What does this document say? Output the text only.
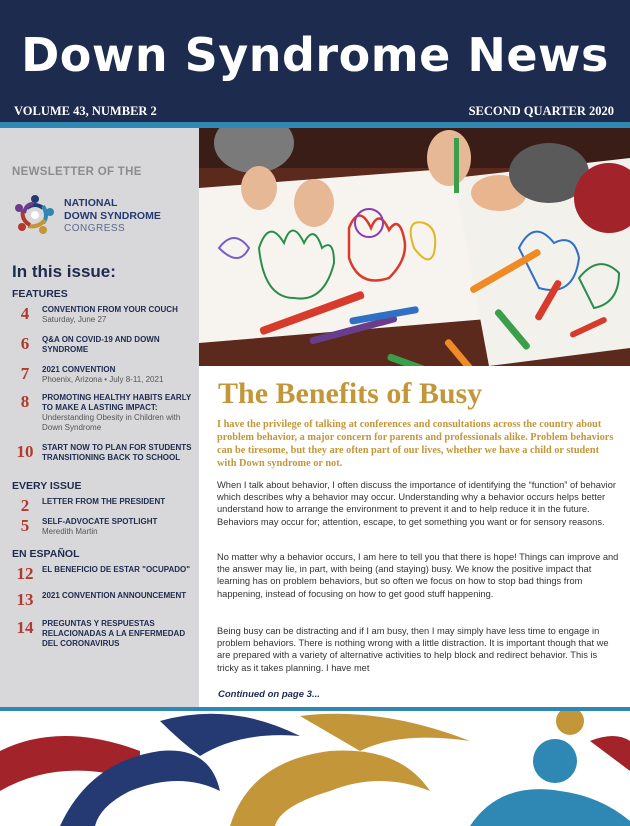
Down Syndrome News
VOLUME 43, NUMBER 2	SECOND QUARTER 2020
NEWSLETTER OF THE
NATIONAL
DOWN SYNDROME
CONGRESS
In this issue:
FEATURES
4	CONVENTION FROM YOUR COUCH
Saturday, June 27
6	Q&A ON COVID-19 AND DOWN SYNDROME
7	2021 CONVENTION
Phoenix, Arizona • July 8-11, 2021
8	PROMOTING HEALTHY HABITS EARLY TO MAKE A LASTING IMPACT:
Understanding Obesity in Children with Down Syndrome
10	START NOW TO PLAN FOR STUDENTS TRANSITIONING BACK TO SCHOOL
EVERY ISSUE
2	LETTER FROM THE PRESIDENT
5	SELF-ADVOCATE SPOTLIGHT
Meredith Martin
EN ESPAÑOL
12	EL BENEFICIO DE ESTAR "OCUPADO"
13	2021 CONVENTION ANNOUNCEMENT
14	PREGUNTAS Y RESPUESTAS RELACIONADAS A LA ENFERMEDAD DEL CORONAVIRUS
The Benefits of Busy
I have the privilege of talking at conferences and consultations across the country about problem behavior, a major concern for parents and professionals alike. Problem behaviors can be tiresome, but they are often part of our lives, whether we have a child or student with Down syndrome or not.
When I talk about behavior, I often discuss the importance of identifying the “function” of behavior which describes why a behavior may occur. Understanding why a behavior occurs helps better understand how to arrange the environment to prevent it and to help reduce it in the future. Behaviors may occur for; attention, escape, to get something you want or for sensory reasons.
No matter why a behavior occurs, I am here to tell you that there is hope! Things can improve and the answer may lie, in part, with being (and staying) busy. We know the positive impact that learning has on problem behaviors, but so often we focus on how to stop bad things from happening, instead of focusing on how to get good stuff happening.
Being busy can be distracting and if I am busy, then I may simply have less time to engage in problem behaviors. There is nothing wrong with a little distraction. It is important though that we are prepared with a variety of alternative activities to help block and redirect behavior. This is tricky as it takes planning. I have met
Continued on page 3...
